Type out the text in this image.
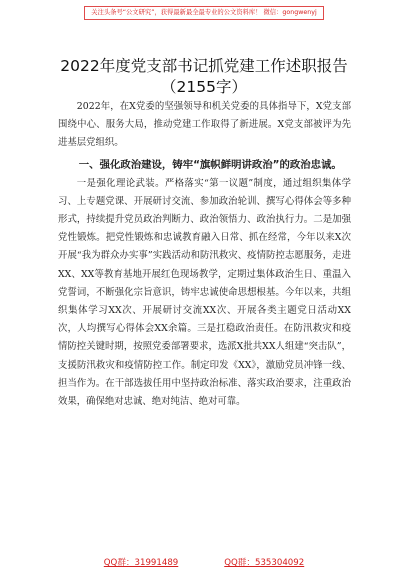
关注头条号“公文研究”，获得最新最全最专业的公文资料库！ 微信：gongwenyj
2022年度党支部书记抓党建工作述职报告
（2155字）

2022年，在X党委的坚强领导和机关党委的具体指导下，X党支部围绕中心、服务大局，推动党建工作取得了新进展。X党支部被评为先进基层党组织。

一、强化政治建设，铸牢“旗帜鲜明讲政治”的政治忠诚。

一是强化理论武装。严格落实“第一议题”制度，通过组织集体学习、上专题党课、开展研讨交流、参加政治轮训、撰写心得体会等多种形式，持续提升党员政治判断力、政治领悟力、政治执行力。二是加强党性锻炼。把党性锻炼和忠诚教育融入日常、抓在经常，今年以来X次开展“我为群众办实事”实践活动和防汛救灾、疫情防控志愿服务，走进XX、XX等教育基地开展红色现场教学，定期过集体政治生日、重温入党誓词，不断强化宗旨意识，铸牢忠诚使命思想根基。今年以来，共组织集体学习XX次、开展研讨交流XX次、开展各类主题党日活动XX次，人均撰写心得体会XX余篇。三是扛稳政治责任。在防汛救灾和疫情防控关键时期，按照党委部署要求，选派X批共XX人组建“突击队”，支援防汛救灾和疫情防控工作。制定印发《XX》，激励党员冲锋一线、担当作为。在干部选拔任用中坚持政治标准、落实政治要求，注重政治效果，确保绝对忠诚、绝对纯洁、绝对可靠。

QQ群：31991489	QQ群：535304092
